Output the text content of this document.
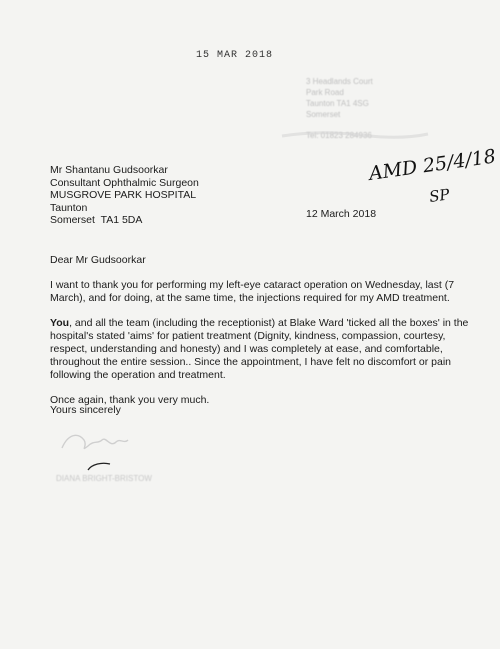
15 MAR 2018
3 Headlands Court
Park Road
Taunton TA1 4SG
Somerset
Tel: 01823 284936
AMD 25/4/18
SP
Mr Shantanu Gudsoorkar
Consultant Ophthalmic Surgeon
MUSGROVE PARK HOSPITAL
Taunton
Somerset  TA1 5DA	12 March 2018

Dear Mr Gudsoorkar

I want to thank you for performing my left-eye cataract operation on Wednesday, last (7 March), and for doing, at the same time, the injections required for my AMD treatment.

You, and all the team (including the receptionist) at Blake Ward 'ticked all the boxes' in the hospital's stated 'aims' for patient treatment (Dignity, kindness, compassion, courtesy, respect, understanding and honesty) and I was completely at ease, and comfortable, throughout the entire session.. Since the appointment, I have felt no discomfort or pain following the operation and treatment.

Once again, thank you very much.

Yours sincerely
DIANA BRIGHT-BRISTOW
